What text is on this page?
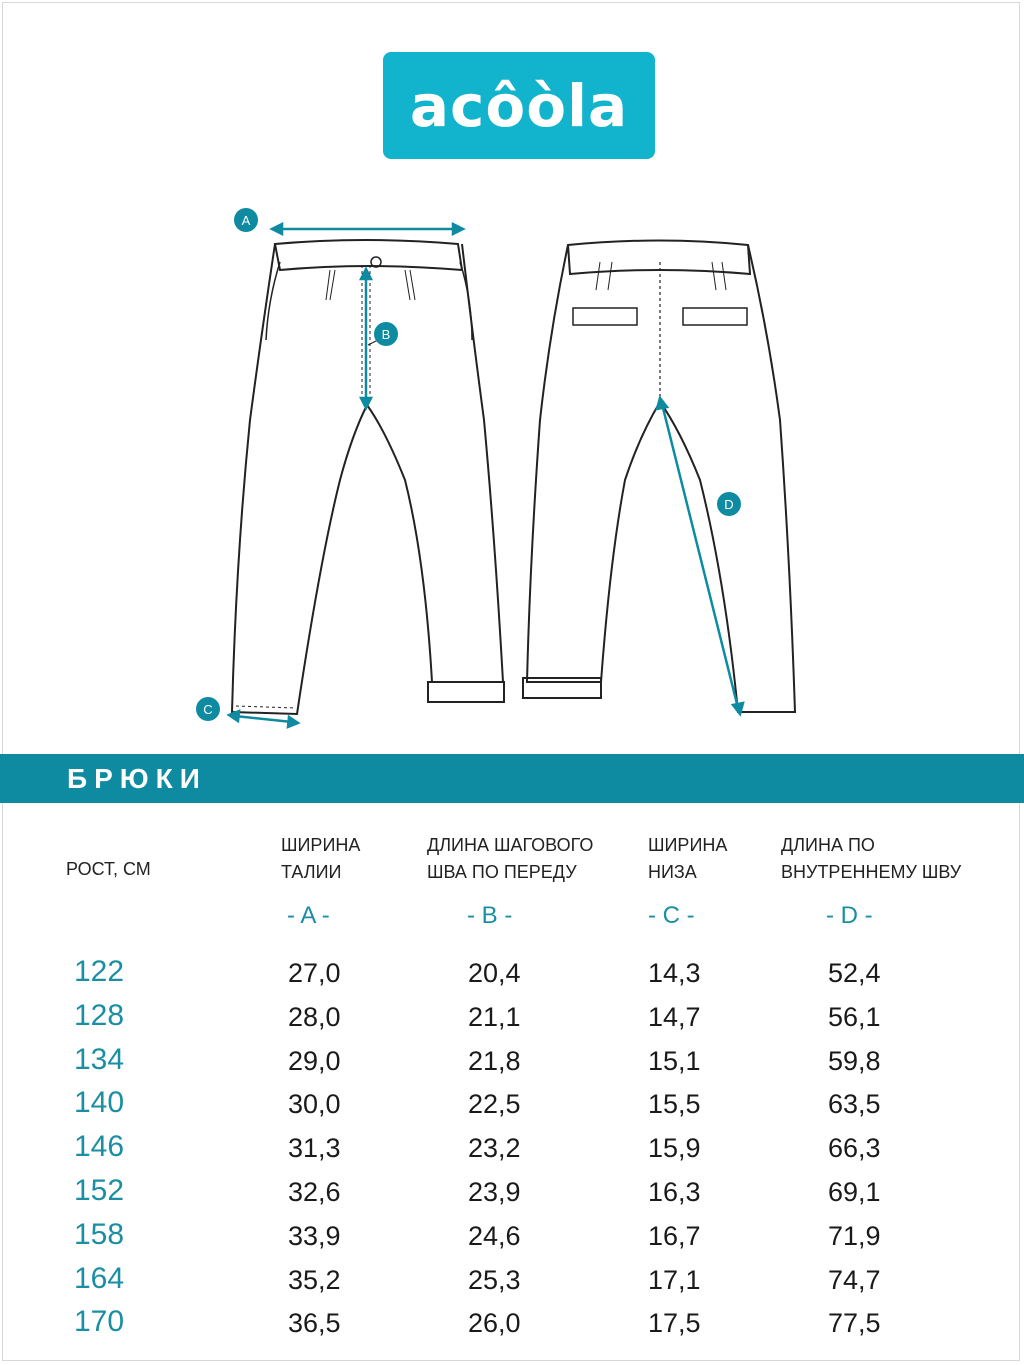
acôòla
A
B
C
D
БРЮКИ
РОСТ, СМ
ШИРИНА
ТАЛИИ
ДЛИНА ШАГОВОГО
ШВА ПО ПЕРЕДУ
ШИРИНА
НИЗА
ДЛИНА ПО
ВНУТРЕННЕМУ ШВУ
- A -	- B -	- C -	- D -
122	27,0	20,4	14,3	52,4
128	28,0	21,1	14,7	56,1
134	29,0	21,8	15,1	59,8
140	30,0	22,5	15,5	63,5
146	31,3	23,2	15,9	66,3
152	32,6	23,9	16,3	69,1
158	33,9	24,6	16,7	71,9
164	35,2	25,3	17,1	74,7
170	36,5	26,0	17,5	77,5
